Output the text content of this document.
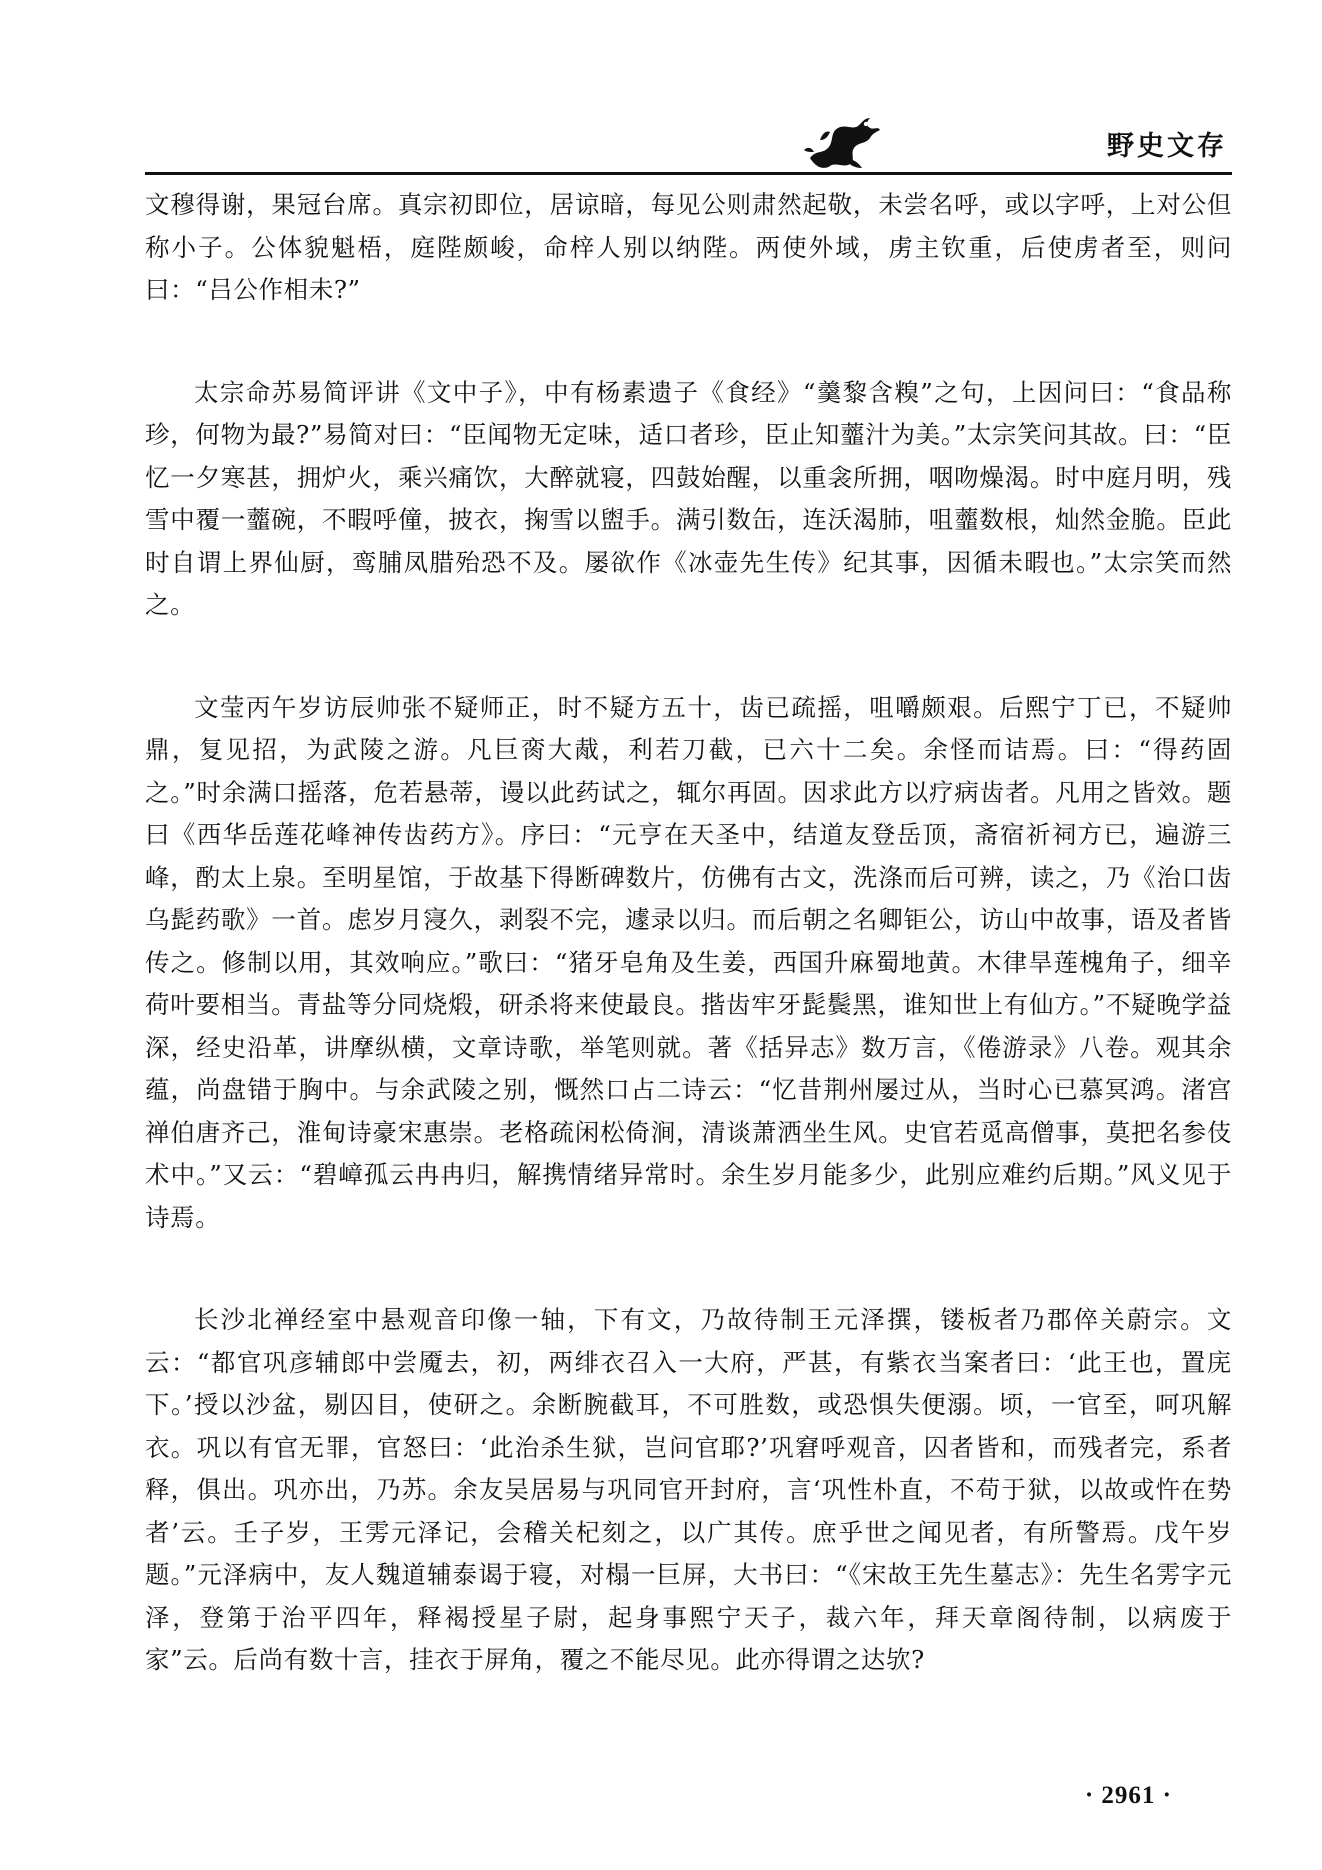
野史文存

文穆得谢，果冠台席。真宗初即位，居谅暗，每见公则肃然起敬，未尝名呼，或以字呼，上对公但称小子。公体貌魁梧，庭陛颇峻，命梓人别以纳陛。两使外域，虏主钦重，后使虏者至，则问曰：“吕公作相未?”

太宗命苏易简评讲《文中子》，中有杨素遗子《食经》“羹黎含糗”之句，上因问曰：“食品称珍，何物为最?”易简对曰：“臣闻物无定味，适口者珍，臣止知虀汁为美。”太宗笑问其故。曰：“臣忆一夕寒甚，拥炉火，乘兴痛饮，大醉就寝，四鼓始醒，以重衾所拥，咽吻燥渴。时中庭月明，残雪中覆一虀碗，不暇呼僮，披衣，掬雪以盥手。满引数缶，连沃渴肺，咀虀数根，灿然金脆。臣此时自谓上界仙厨，鸾脯凤腊殆恐不及。屡欲作《冰壶先生传》纪其事，因循未暇也。”太宗笑而然之。

文莹丙午岁访辰帅张不疑师正，时不疑方五十，齿已疏摇，咀嚼颇艰。后熙宁丁已，不疑帅鼎，复见招，为武陵之游。凡巨脔大胾，利若刀截，已六十二矣。余怪而诘焉。曰：“得药固之。”时余满口摇落，危若悬蒂，谩以此药试之，辄尔再固。因求此方以疗病齿者。凡用之皆效。题曰《西华岳莲花峰神传齿药方》。序曰：“元亨在天圣中，结道友登岳顶，斋宿祈祠方已，遍游三峰，酌太上泉。至明星馆，于故基下得断碑数片，仿佛有古文，洗涤而后可辨，读之，乃《治口齿乌髭药歌》一首。虑岁月寖久，剥裂不完，遽录以归。而后朝之名卿钜公，访山中故事，语及者皆传之。修制以用，其效响应。”歌曰：“猪牙皂角及生姜，西国升麻蜀地黄。木律旱莲槐角子，细辛荷叶要相当。青盐等分同烧煅，研杀将来使最良。揩齿牢牙髭鬓黑，谁知世上有仙方。”不疑晚学益深，经史沿革，讲摩纵横，文章诗歌，举笔则就。著《括异志》数万言，《倦游录》八卷。观其余蕴，尚盘错于胸中。与余武陵之别，慨然口占二诗云：“忆昔荆州屡过从，当时心已慕冥鸿。渚宫禅伯唐齐己，淮甸诗豪宋惠崇。老格疏闲松倚涧，清谈萧洒坐生风。史官若觅高僧事，莫把名参伎术中。”又云：“碧嶂孤云冉冉归，解携情绪异常时。余生岁月能多少，此别应难约后期。”风义见于诗焉。

长沙北禅经室中悬观音印像一轴，下有文，乃故待制王元泽撰，镂板者乃郡倅关蔚宗。文云：“都官巩彦辅郎中尝魇去，初，两绯衣召入一大府，严甚，有紫衣当案者曰：‘此王也，置庑下。’授以沙盆，剔囚目，使研之。余断腕截耳，不可胜数，或恐惧失便溺。顷，一官至，呵巩解衣。巩以有官无罪，官怒曰：‘此治杀生狱，岂问官耶?’巩窘呼观音，囚者皆和，而残者完，系者释，俱出。巩亦出，乃苏。余友吴居易与巩同官开封府，言‘巩性朴直，不苟于狱，以故或忤在势者’云。壬子岁，王雱元泽记，会稽关杞刻之，以广其传。庶乎世之闻见者，有所警焉。戊午岁题。”元泽病中，友人魏道辅泰谒于寝，对榻一巨屏，大书曰：“《宋故王先生墓志》：先生名雱字元泽，登第于治平四年，释褐授星子尉，起身事熙宁天子，裁六年，拜天章阁待制，以病废于家”云。后尚有数十言，挂衣于屏角，覆之不能尽见。此亦得谓之达欤?

· 2961 ·
